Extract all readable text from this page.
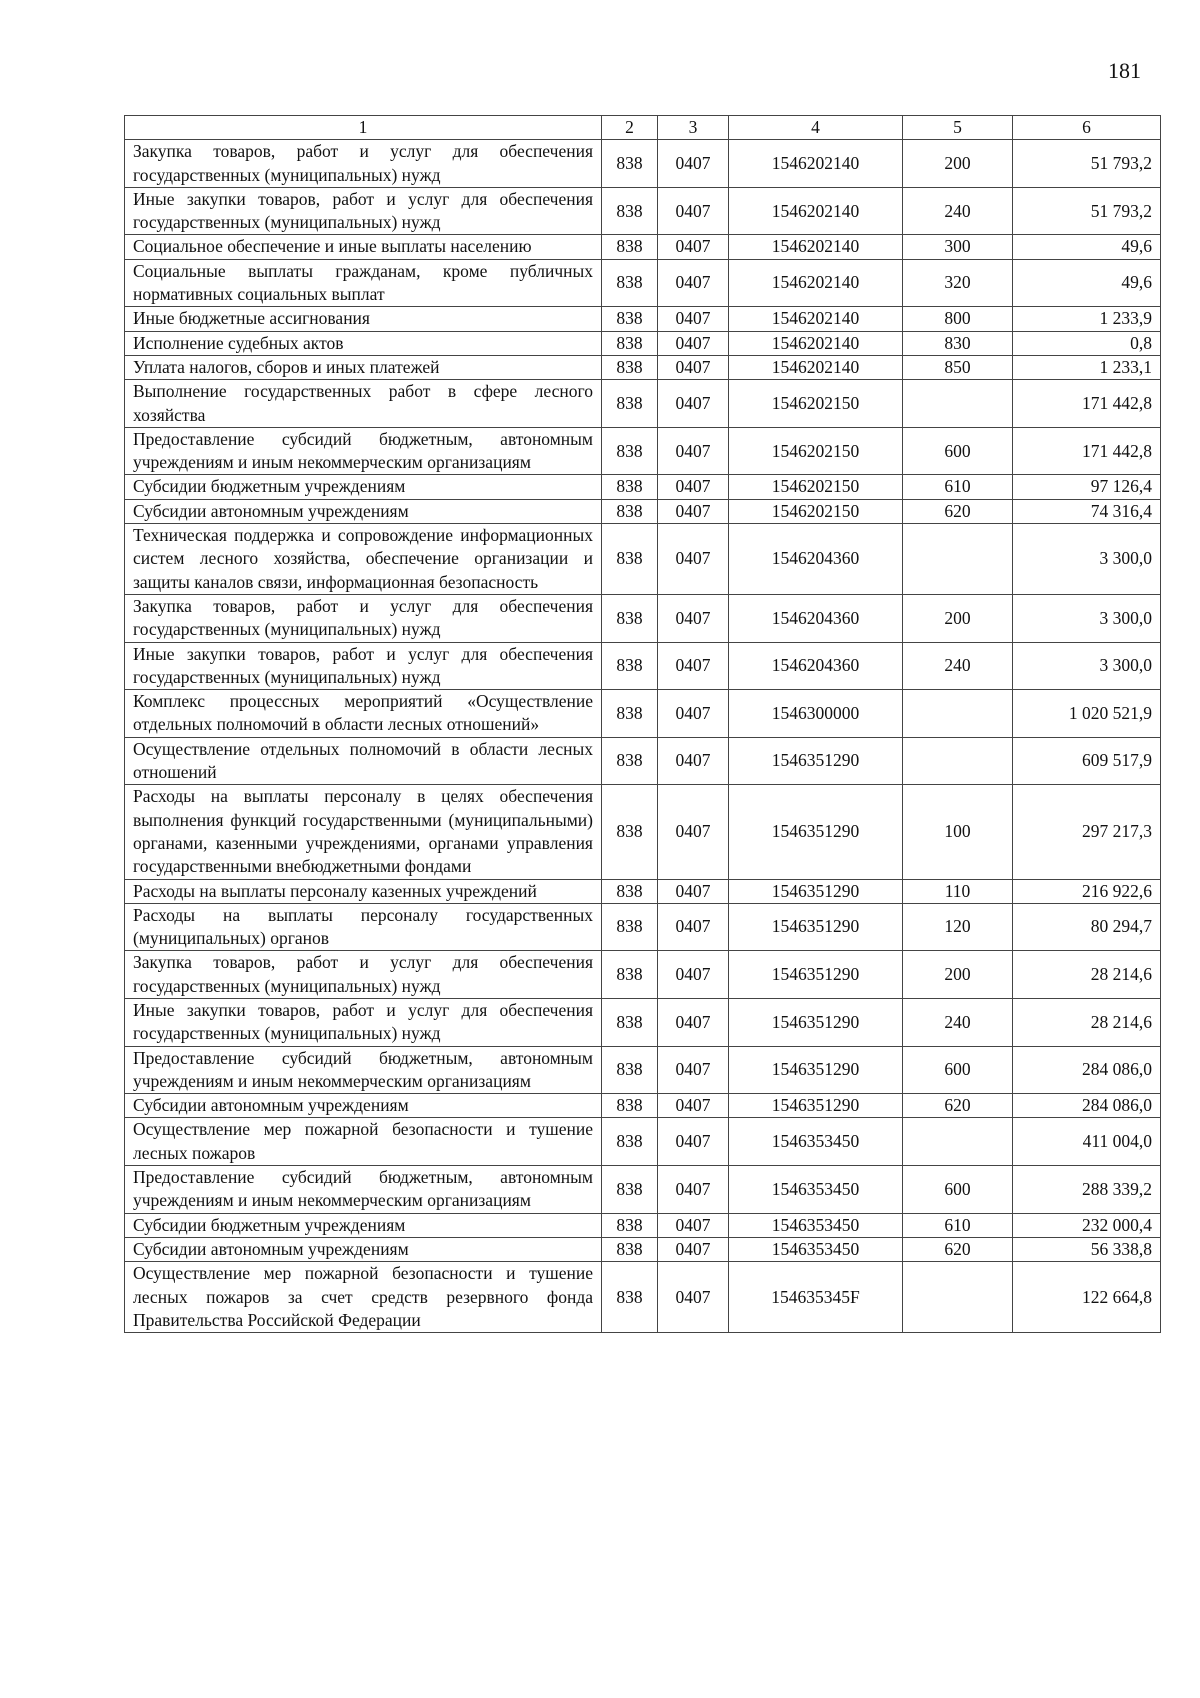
181
1	2	3	4	5	6
Закупка товаров, работ и услуг для обеспечения государственных (муниципальных) нужд	838	0407	1546202140	200	51 793,2
Иные закупки товаров, работ и услуг для обеспечения государственных (муниципальных) нужд	838	0407	1546202140	240	51 793,2
Социальное обеспечение и иные выплаты населению	838	0407	1546202140	300	49,6
Социальные выплаты гражданам, кроме публичных нормативных социальных выплат	838	0407	1546202140	320	49,6
Иные бюджетные ассигнования	838	0407	1546202140	800	1 233,9
Исполнение судебных актов	838	0407	1546202140	830	0,8
Уплата налогов, сборов и иных платежей	838	0407	1546202140	850	1 233,1
Выполнение государственных работ в сфере лесного хозяйства	838	0407	1546202150		171 442,8
Предоставление субсидий бюджетным, автономным учреждениям и иным некоммерческим организациям	838	0407	1546202150	600	171 442,8
Субсидии бюджетным учреждениям	838	0407	1546202150	610	97 126,4
Субсидии автономным учреждениям	838	0407	1546202150	620	74 316,4
Техническая поддержка и сопровождение информационных систем лесного хозяйства, обеспечение организации и защиты каналов связи, информационная безопасность	838	0407	1546204360		3 300,0
Закупка товаров, работ и услуг для обеспечения государственных (муниципальных) нужд	838	0407	1546204360	200	3 300,0
Иные закупки товаров, работ и услуг для обеспечения государственных (муниципальных) нужд	838	0407	1546204360	240	3 300,0
Комплекс процессных мероприятий «Осуществление отдельных полномочий в области лесных отношений»	838	0407	1546300000		1 020 521,9
Осуществление отдельных полномочий в области лесных отношений	838	0407	1546351290		609 517,9
Расходы на выплаты персоналу в целях обеспечения выполнения функций государственными (муниципальными) органами, казенными учреждениями, органами управления государственными внебюджетными фондами	838	0407	1546351290	100	297 217,3
Расходы на выплаты персоналу казенных учреждений	838	0407	1546351290	110	216 922,6
Расходы на выплаты персоналу государственных (муниципальных) органов	838	0407	1546351290	120	80 294,7
Закупка товаров, работ и услуг для обеспечения государственных (муниципальных) нужд	838	0407	1546351290	200	28 214,6
Иные закупки товаров, работ и услуг для обеспечения государственных (муниципальных) нужд	838	0407	1546351290	240	28 214,6
Предоставление субсидий бюджетным, автономным учреждениям и иным некоммерческим организациям	838	0407	1546351290	600	284 086,0
Субсидии автономным учреждениям	838	0407	1546351290	620	284 086,0
Осуществление мер пожарной безопасности и тушение лесных пожаров	838	0407	1546353450		411 004,0
Предоставление субсидий бюджетным, автономным учреждениям и иным некоммерческим организациям	838	0407	1546353450	600	288 339,2
Субсидии бюджетным учреждениям	838	0407	1546353450	610	232 000,4
Субсидии автономным учреждениям	838	0407	1546353450	620	56 338,8
Осуществление мер пожарной безопасности и тушение лесных пожаров за счет средств резервного фонда Правительства Российской Федерации	838	0407	154635345F		122 664,8
